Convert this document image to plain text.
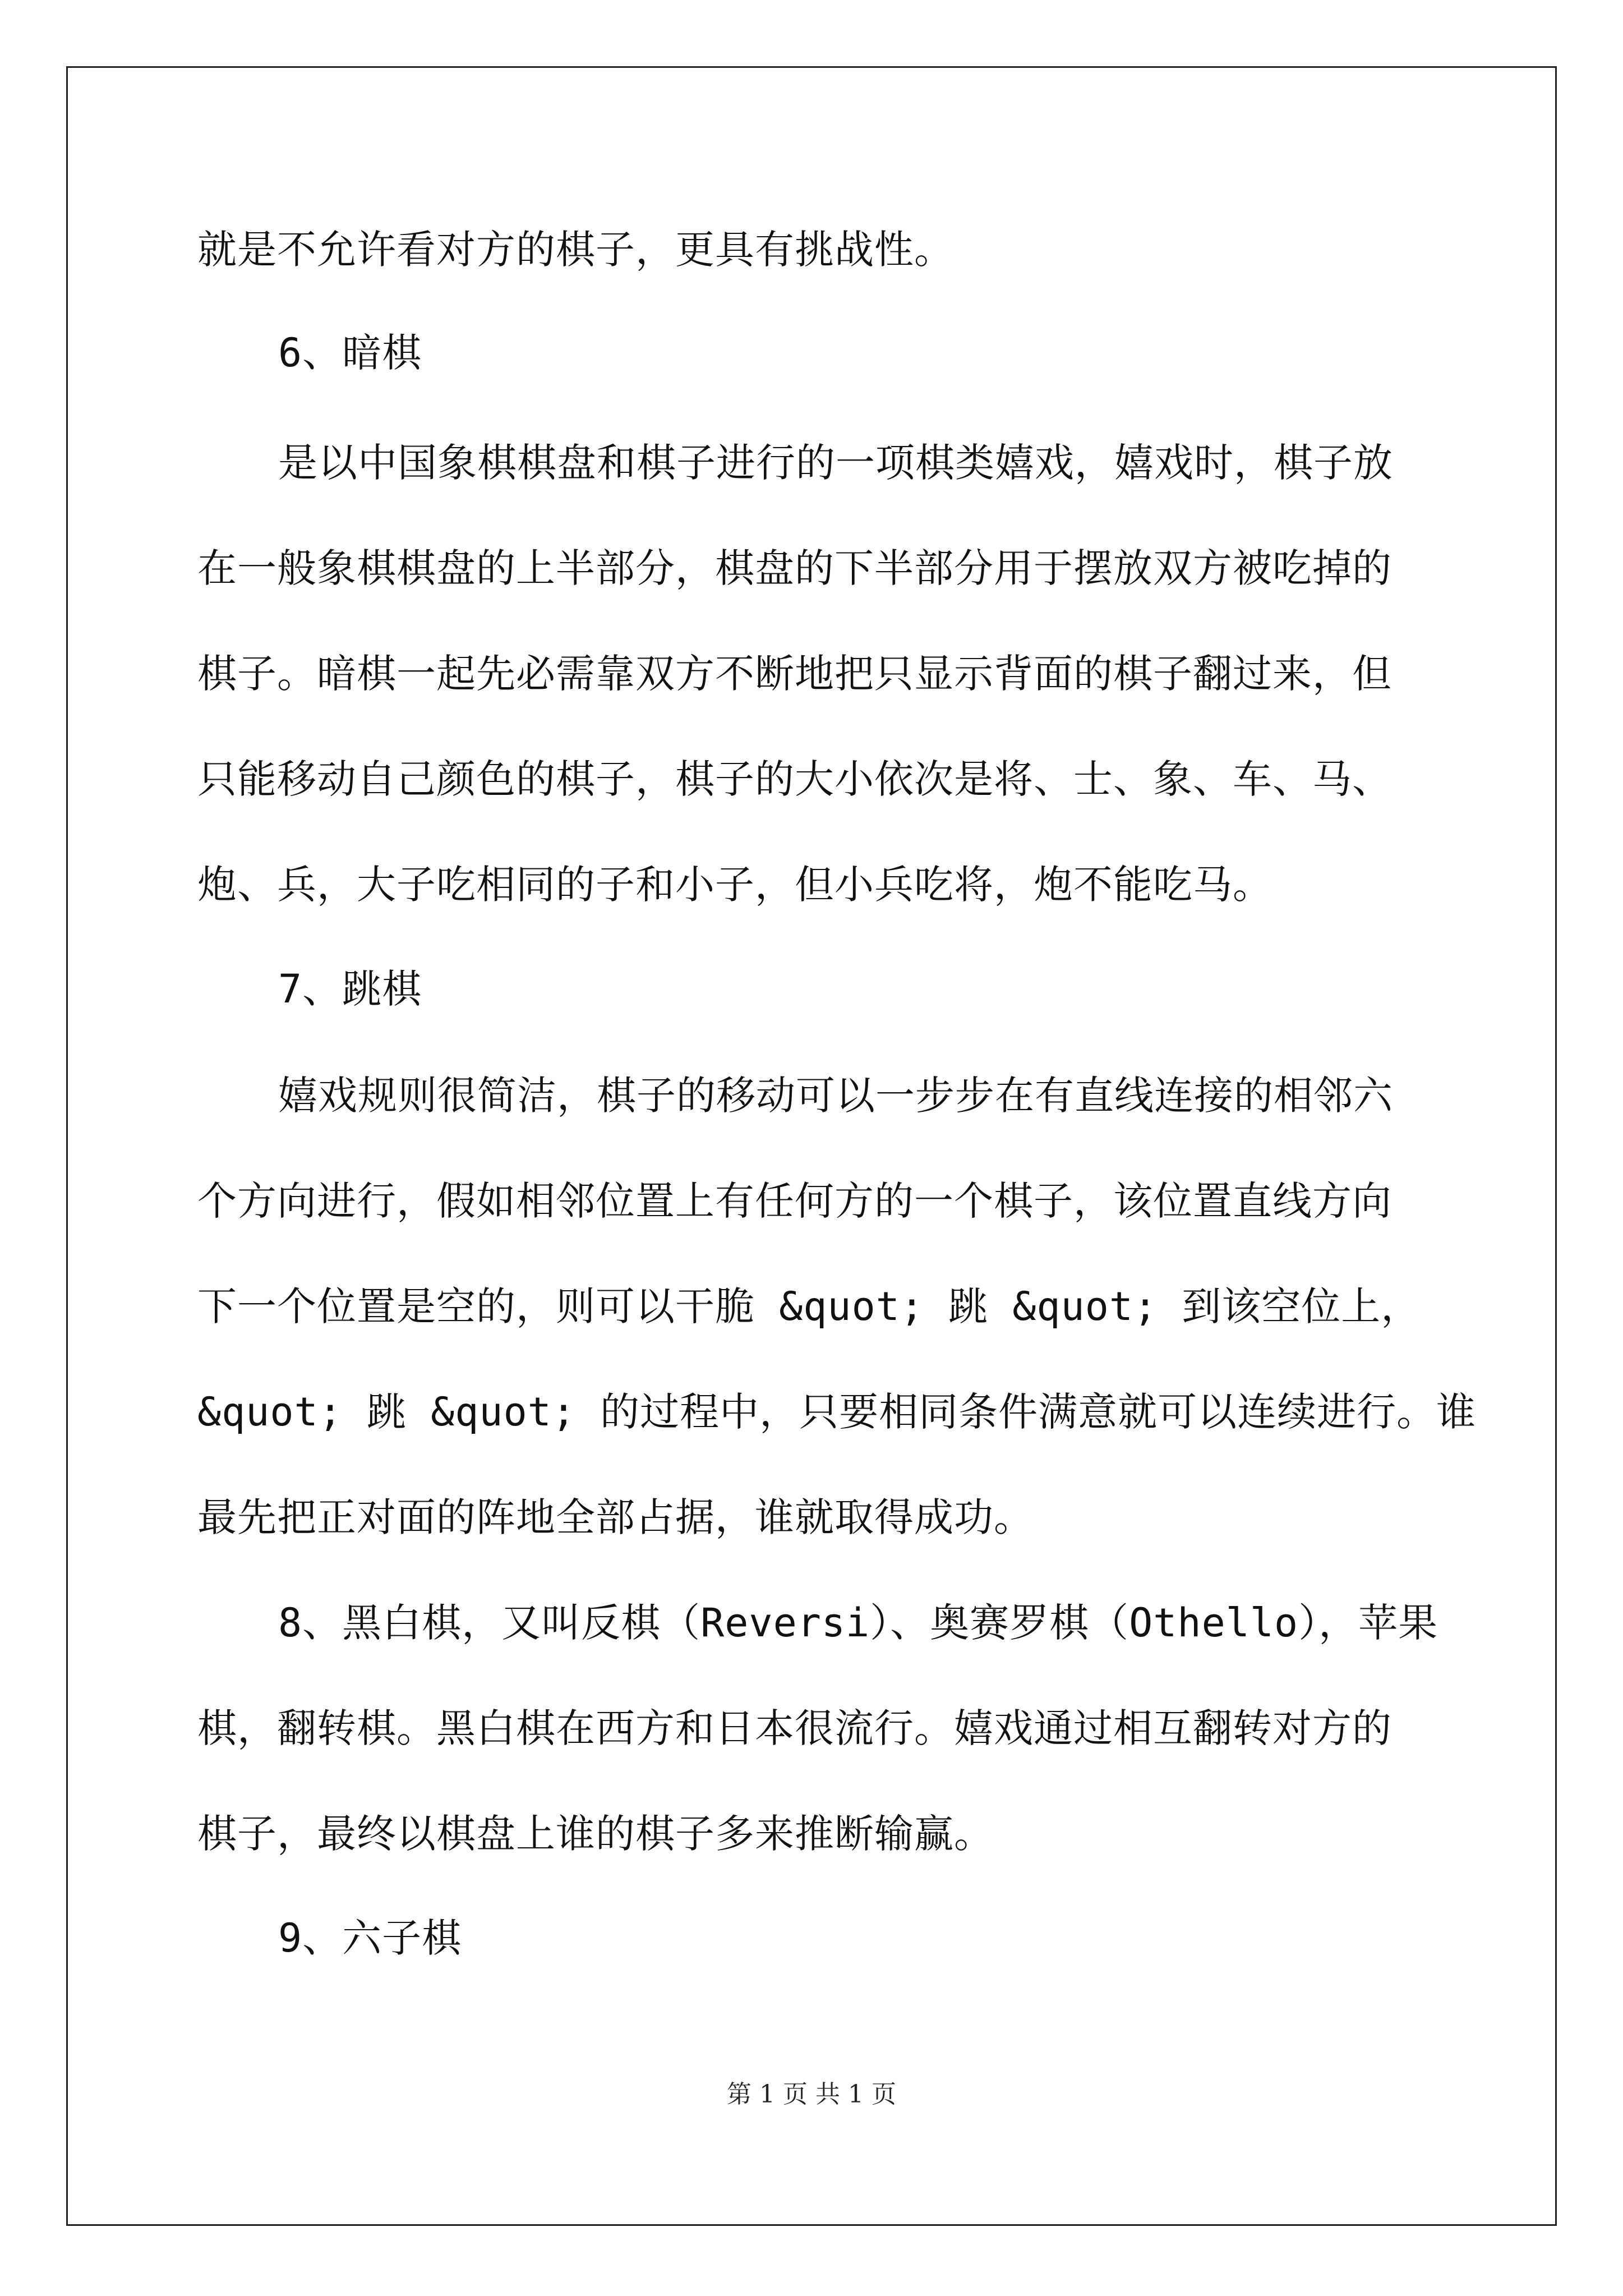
就是不允许看对方的棋子，更具有挑战性。
6、暗棋
是以中国象棋棋盘和棋子进行的一项棋类嬉戏，嬉戏时，棋子放
在一般象棋棋盘的上半部分，棋盘的下半部分用于摆放双方被吃掉的
棋子。暗棋一起先必需靠双方不断地把只显示背面的棋子翻过来，但
只能移动自己颜色的棋子，棋子的大小依次是将、士、象、车、马、
炮、兵，大子吃相同的子和小子，但小兵吃将，炮不能吃马。
7、跳棋
嬉戏规则很简洁，棋子的移动可以一步步在有直线连接的相邻六
个方向进行，假如相邻位置上有任何方的一个棋子，该位置直线方向
下一个位置是空的，则可以干脆 &quot; 跳 &quot; 到该空位上，
&quot; 跳 &quot; 的过程中，只要相同条件满意就可以连续进行。谁
最先把正对面的阵地全部占据，谁就取得成功。
8、黑白棋，又叫反棋（Reversi）、奥赛罗棋（Othello），苹果
棋，翻转棋。黑白棋在西方和日本很流行。嬉戏通过相互翻转对方的
棋子，最终以棋盘上谁的棋子多来推断输赢。
9、六子棋
第 1 页 共 1 页
